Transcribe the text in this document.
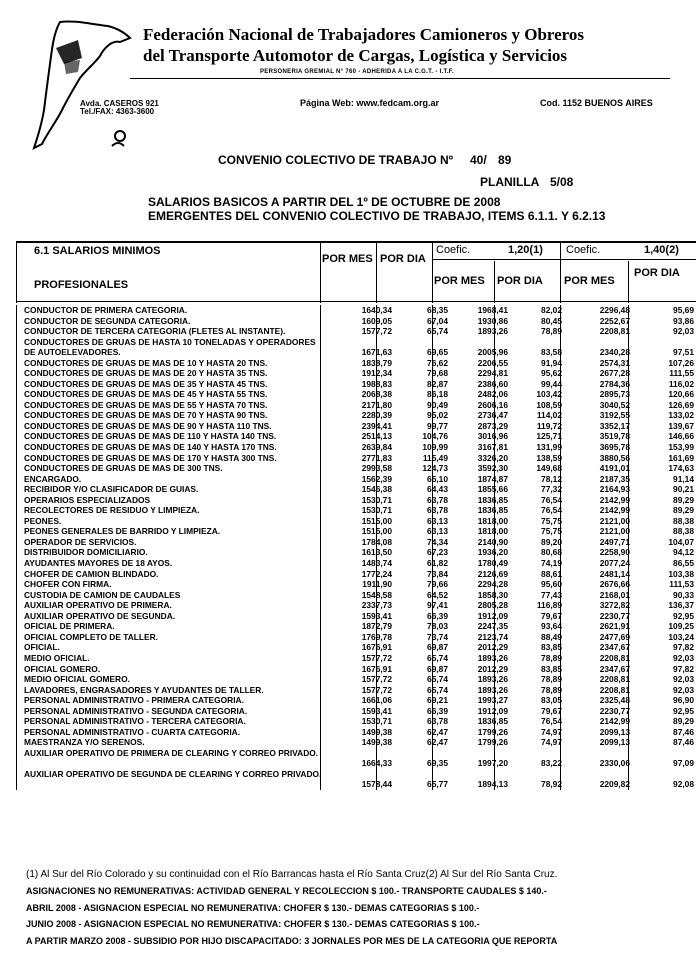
Federación Nacional de Trabajadores Camioneros y Obreros
del Transporte Automotor de Cargas, Logística y Servicios
PERSONERIA GREMIAL N° 760 - ADHERIDA A LA C.G.T. - I.T.F.
Avda. CASEROS 921
Tel./FAX: 4363-3600
Página Web: www.fedcam.org.ar	Cod. 1152 BUENOS AIRES
CONVENIO COLECTIVO DE TRABAJO Nº 40/ 89
PLANILLA 5/08
SALARIOS BASICOS A PARTIR DEL 1º DE OCTUBRE DE 2008
EMERGENTES DEL CONVENIO COLECTIVO DE TRABAJO, ITEMS 6.1.1. Y 6.2.13
6.1 SALARIOS MINIMOS
PROFESIONALES
POR MES POR DIA
Coefic.	1,20(1) Coefic.	1,40(2)
POR MES POR DIA POR MES
POR DIA
CONDUCTOR DE PRIMERA CATEGORIA.	1640,34	68,35	1968,41	82,02	2296,48	95,69
CONDUCTOR DE SEGUNDA CATEGORIA.	1609,05	67,04	1930,86	80,45	2252,67	93,86
CONDUCTOR DE TERCERA CATEGORIA (FLETES AL INSTANTE).	1577,72	65,74	1893,26	78,89	2208,81	92,03
CONDUCTORES DE GRUAS DE HASTA 10 TONELADAS Y OPERADORES DE AUTOELEVADORES.	1671,63	69,65	2005,96	83,58	2340,28	97,51
CONDUCTORES DE GRUAS DE MAS DE 10 Y HASTA 20 TNS.	1838,79	76,62	2206,55	91,94	2574,31	107,26
CONDUCTORES DE GRUAS DE MAS DE 20 Y HASTA 35 TNS.	1912,34	79,68	2294,81	95,62	2677,28	111,55
CONDUCTORES DE GRUAS DE MAS DE 35 Y HASTA 45 TNS.	1988,83	82,87	2386,60	99,44	2784,36	116,02
CONDUCTORES DE GRUAS DE MAS DE 45 Y HASTA 55 TNS.	2068,38	86,18	2482,06	103,42	2895,73	120,66
CONDUCTORES DE GRUAS DE MAS DE 55 Y HASTA 70 TNS.	2171,80	90,49	2606,16	108,59	3040,52	126,69
CONDUCTORES DE GRUAS DE MAS DE 70 Y HASTA 90 TNS.	2280,39	95,02	2736,47	114,02	3192,55	133,02
CONDUCTORES DE GRUAS DE MAS DE 90 Y HASTA 110 TNS.	2394,41	99,77	2873,29	119,72	3352,17	139,67
CONDUCTORES DE GRUAS DE MAS DE 110 Y HASTA 140 TNS.	2514,13	104,76	3016,96	125,71	3519,78	146,66
CONDUCTORES DE GRUAS DE MAS DE 140 Y HASTA 170 TNS.	2639,84	109,99	3167,81	131,99	3695,78	153,99
CONDUCTORES DE GRUAS DE MAS DE 170 Y HASTA 300 TNS.	2771,83	115,49	3326,20	138,59	3880,56	161,69
CONDUCTORES DE GRUAS DE MAS DE 300 TNS.	2993,58	124,73	3592,30	149,68	4191,01	174,63
ENCARGADO.	1562,39	65,10	1874,87	78,12	2187,35	91,14
RECIBIDOR Y/O CLASIFICADOR DE GUIAS.	1546,38	64,43	1855,66	77,32	2164,93	90,21
OPERARIOS ESPECIALIZADOS	1530,71	63,78	1836,85	76,54	2142,99	89,29
RECOLECTORES DE RESIDUO Y LIMPIEZA.	1530,71	63,78	1836,85	76,54	2142,99	89,29
PEONES.	1515,00	63,13	1818,00	75,75	2121,00	88,38
PEONES GENERALES DE BARRIDO Y LIMPIEZA.	1515,00	63,13	1818,00	75,75	2121,00	88,38
OPERADOR DE SERVICIOS.	1784,08	74,34	2140,90	89,20	2497,71	104,07
DISTRIBUIDOR DOMICILIARIO.	1613,50	67,23	1936,20	80,68	2258,90	94,12
AYUDANTES MAYORES DE 18 AYOS.	1483,74	61,82	1780,49	74,19	2077,24	86,55
CHOFER DE CAMION BLINDADO.	1772,24	73,84	2126,69	88,61	2481,14	103,38
CHOFER CON FIRMA.	1911,90	79,66	2294,28	95,60	2676,66	111,53
CUSTODIA DE CAMION DE CAUDALES	1548,58	64,52	1858,30	77,43	2168,01	90,33
AUXILIAR OPERATIVO DE PRIMERA.	2337,73	97,41	2805,28	116,89	3272,82	136,37
AUXILIAR OPERATIVO DE SEGUNDA.	1593,41	66,39	1912,09	79,67	2230,77	92,95
OFICIAL DE PRIMERA.	1872,79	78,03	2247,35	93,64	2621,91	109,25
OFICIAL COMPLETO DE TALLER.	1769,78	73,74	2123,74	88,49	2477,69	103,24
OFICIAL.	1676,91	69,87	2012,29	83,85	2347,67	97,82
MEDIO OFICIAL.	1577,72	65,74	1893,26	78,89	2208,81	92,03
OFICIAL GOMERO.	1676,91	69,87	2012,29	83,85	2347,67	97,82
MEDIO OFICIAL GOMERO.	1577,72	65,74	1893,26	78,89	2208,81	92,03
LAVADORES, ENGRASADORES Y AYUDANTES DE TALLER.	1577,72	65,74	1893,26	78,89	2208,81	92,03
PERSONAL ADMINISTRATIVO - PRIMERA CATEGORIA.	1661,06	69,21	1993,27	83,05	2325,48	96,90
PERSONAL ADMINISTRATIVO - SEGUNDA CATEGORIA.	1593,41	66,39	1912,09	79,67	2230,77	92,95
PERSONAL ADMINISTRATIVO - TERCERA CATEGORIA.	1530,71	63,78	1836,85	76,54	2142,99	89,29
PERSONAL ADMINISTRATIVO - CUARTA CATEGORIA.	1499,38	62,47	1799,26	74,97	2099,13	87,46
MAESTRANZA Y/O SERENOS.	1499,38	62,47	1799,26	74,97	2099,13	87,46
AUXILIAR OPERATIVO DE PRIMERA DE CLEARING Y CORREO PRIVADO.
1664,33	69,35	1997,20	83,22	2330,06	97,09
AUXILIAR OPERATIVO DE SEGUNDA DE CLEARING Y CORREO PRIVADO.
1578,44	65,77	1894,13	78,92	2209,82	92,08
(1) Al Sur del Río Colorado y su continuidad con el Río Barrancas hasta el Río Santa Cruz(2) Al Sur del Río Santa Cruz.
ASIGNACIONES NO REMUNERATIVAS: ACTIVIDAD GENERAL Y RECOLECCION $ 100.- TRANSPORTE CAUDALES $ 140.-
ABRIL 2008 - ASIGNACION ESPECIAL NO REMUNERATIVA: CHOFER $ 130.- DEMAS CATEGORIAS $ 100.-
JUNIO 2008 - ASIGNACION ESPECIAL NO REMUNERATIVA: CHOFER $ 130.- DEMAS CATEGORIAS $ 100.-
A PARTIR MARZO 2008 - SUBSIDIO POR HIJO DISCAPACITADO: 3 JORNALES POR MES DE LA CATEGORIA QUE REPORTA
